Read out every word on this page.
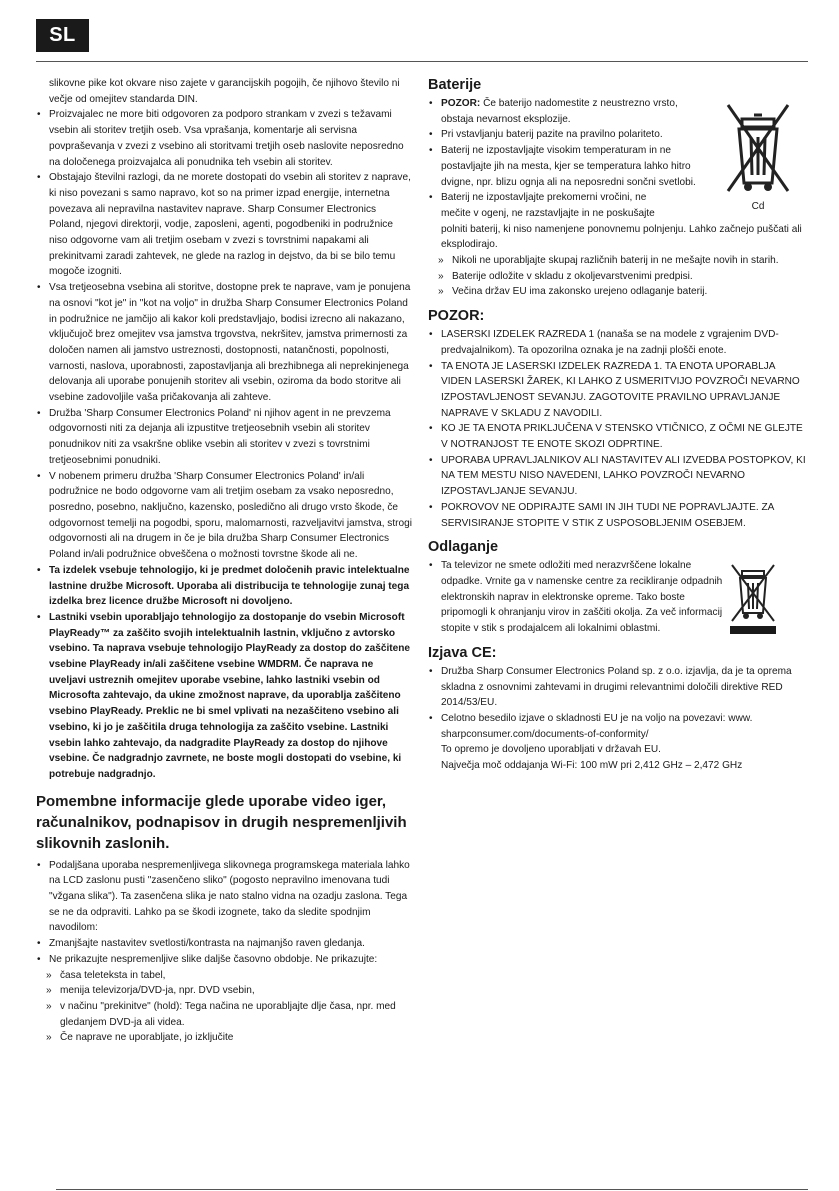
SL

slikovne pike kot okvare niso zajete v garancijskih pogojih, če njihovo število ni večje od omejitev standarda DIN.

• Proizvajalec ne more biti odgovoren za podporo strankam v zvezi s težavami vsebin ali storitev tretjih oseb. Vsa vprašanja, komentarje ali servisna povpraševanja v zvezi z vsebino ali storitvami tretjih oseb naslovite neposredno na določenega proizvajalca ali ponudnika teh vsebin ali storitev.
• Obstajajo številni razlogi, da ne morete dostopati do vsebin ali storitev z naprave, ki niso povezani s samo napravo, kot so na primer izpad energije, internetna povezava ali nepravilna nastavitev naprave. Sharp Consumer Electronics Poland, njegovi direktorji, vodje, zaposleni, agenti, pogodbeniki in podružnice niso odgovorne vam ali tretjim osebam v zvezi s tovrstnimi napakami ali prekinitvami zaradi zahtevek, ne glede na razlog in dejstvo, da bi se bilo temu mogoče izogniti.
• Vsa tretjeosebna vsebina ali storitve, dostopne prek te naprave, vam je ponujena na osnovi "kot je" in "kot na voljo" in družba Sharp Consumer Electronics Poland in podružnice ne jamčijo ali kakor koli predstavljajo, bodisi izrecno ali nakazano, vključujoč brez omejitev vsa jamstva trgovstva, nekršitev, jamstva primernosti za določen namen ali jamstvo ustreznosti, dostopnosti, natančnosti, popolnosti, varnosti, naslova, uporabnosti, zapostavljanja ali brezhibnega ali neprekinjenega delovanja ali uporabe ponujenih storitev ali vsebin, oziroma da bodo storitve ali vsebine zadovoljile vaša pričakovanja ali zahteve.
• Družba 'Sharp Consumer Electronics Poland' ni njihov agent in ne prevzema odgovornosti niti za dejanja ali izpustitve tretjeosebnih vsebin ali storitev ponudnikov niti za vsakršne oblike vsebin ali storitev v zvezi s tovrstnimi tretjeosebnimi ponudniki.
• V nobenem primeru družba 'Sharp Consumer Electronics Poland' in/ali podružnice ne bodo odgovorne vam ali tretjim osebam za vsako neposredno, posredno, posebno, naključno, kazensko, posledično ali drugo vrsto škode, če odgovornost temelji na pogodbi, sporu, malomarnosti, razveljavitvi jamstva, strogi odgovornosti ali na drugem in če je bila družba Sharp Consumer Electronics Poland in/ali podružnice obveščena o možnosti tovrstne škode ali ne.
• Ta izdelek vsebuje tehnologijo, ki je predmet določenih pravic intelektualne lastnine družbe Microsoft. Uporaba ali distribucija te tehnologije zunaj tega izdelka brez licence družbe Microsoft ni dovoljeno.
• Lastniki vsebin uporabljajo tehnologijo za dostopanje do vsebin Microsoft PlayReady™ za zaščito svojih intelektualnih lastnin, vključno z avtorsko vsebino. Ta naprava vsebuje tehnologijo PlayReady za dostop do zaščitene vsebine PlayReady in/ali zaščitene vsebine WMDRM. Če naprava ne uveljavi ustreznih omejitev uporabe vsebine, lahko lastniki vsebin od Microsofta zahtevajo, da ukine zmožnost naprave, da uporablja zaščiteno vsebino PlayReady. Preklic ne bi smel vplivati na nezaščiteno vsebino ali vsebino, ki jo je zaščitila druga tehnologija za zaščito vsebine. Lastniki vsebin lahko zahtevajo, da nadgradite PlayReady za dostop do njihove vsebine. Če nadgradnjo zavrnete, ne boste mogli dostopati do vsebine, ki potrebuje nadgradnjo.
Pomembne informacije glede uporabe video iger, računalnikov, podnapisov in drugih nespremenljivih slikovnih zaslonih.
• Podaljšana uporaba nespremenljivega slikovnega programskega materiala lahko na LCD zaslonu pusti "zasenčeno sliko" (pogosto nepravilno imenovana tudi "vžgana slika"). Ta zasenčena slika je nato stalno vidna na ozadju zaslona. Tega se ne da odpraviti. Lahko pa se škodi izognete, tako da sledite spodnjim navodilom:
• Zmanjšajte nastavitev svetlosti/kontrasta na najmanjšo raven gledanja.
• Ne prikazujte nespremenljive slike daljše časovno obdobje. Ne prikazujte:
» časa teleteksta in tabel,
» menija televizorja/DVD-ja, npr. DVD vsebin,
» v načinu "prekinitve" (hold): Tega načina ne uporabljajte dlje časa, npr. med gledanjem DVD-ja ali videa.
» Če naprave ne uporabljate, jo izključite
Baterije
Cd
• POZOR: Če baterijo nadomestite z neustrezno vrsto, obstaja nevarnost eksplozije.
• Pri vstavljanju baterij pazite na pravilno polariteto.
• Baterij ne izpostavljajte visokim temperaturam in ne postavljajte jih na mesta, kjer se temperatura lahko hitro dvigne, npr. blizu ognja ali na neposredni sončni svetlobi.
• Baterij ne izpostavljajte prekomerni vročini, ne
mečite v ogenj, ne razstavljajte in ne poskušajte
polniti baterij, ki niso namenjene ponovnemu polnjenju. Lahko začnejo puščati ali eksplodirajo.
» Nikoli ne uporabljajte skupaj različnih baterij in ne mešajte novih in starih.
» Baterije odložite v skladu z okoljevarstvenimi predpisi.
» Večina držav EU ima zakonsko urejeno odlaganje baterij.
POZOR:
• LASERSKI IZDELEK RAZREDA 1 (nanaša se na modele z vgrajenim DVD-predvajalnikom). Ta opozorilna oznaka je na zadnji plošči enote.
• TA ENOTA JE LASERSKI IZDELEK RAZREDA 1. TA ENOTA UPORABLJA VIDEN LASERSKI ŽAREK, KI LAHKO Z USMERITVIJO POVZROČI NEVARNO IZPOSTAVLJENOST SEVANJU. ZAGOTOVITE PRAVILNO UPRAVLJANJE NAPRAVE V SKLADU Z NAVODILI.
• KO JE TA ENOTA PRIKLJUČENA V STENSKO VTIČNICO, Z OČMI NE GLEJTE V NOTRANJOST TE ENOTE SKOZI ODPRTINE.
• UPORABA UPRAVLJALNIKOV ALI NASTAVITEV ALI IZVEDBA POSTOPKOV, KI NA TEM MESTU NISO NAVEDENI, LAHKO POVZROČI NEVARNO IZPOSTAVLJANJE SEVANJU.
• POKROVOV NE ODPIRAJTE SAMI IN JIH TUDI NE POPRAVLJAJTE. ZA SERVISIRANJE STOPITE V STIK Z USPOSOBLJENIM OSEBJEM.
Odlaganje
• Ta televizor ne smete odložiti med nerazvrščene lokalne odpadke. Vrnite ga v namenske centre za recikliranje odpadnih elektronskih naprav in elektronske opreme. Tako boste pripomogli k ohranjanju virov in zaščiti okolja. Za več informacij stopite v stik s prodajalcem ali lokalnimi oblastmi.
Izjava CE:
• Družba Sharp Consumer Electronics Poland sp. z o.o. izjavlja, da je ta oprema skladna z osnovnimi zahtevami in drugimi relevantnimi določili direktive RED 2014/53/EU.
• Celotno besedilo izjave o skladnosti EU je na voljo na povezavi: www.
sharpconsumer.com/documents-of-conformity/
To opremo je dovoljeno uporabljati v državah EU.
Največja moč oddajanja Wi-Fi: 100 mW pri 2,412 GHz – 2,472 GHz
